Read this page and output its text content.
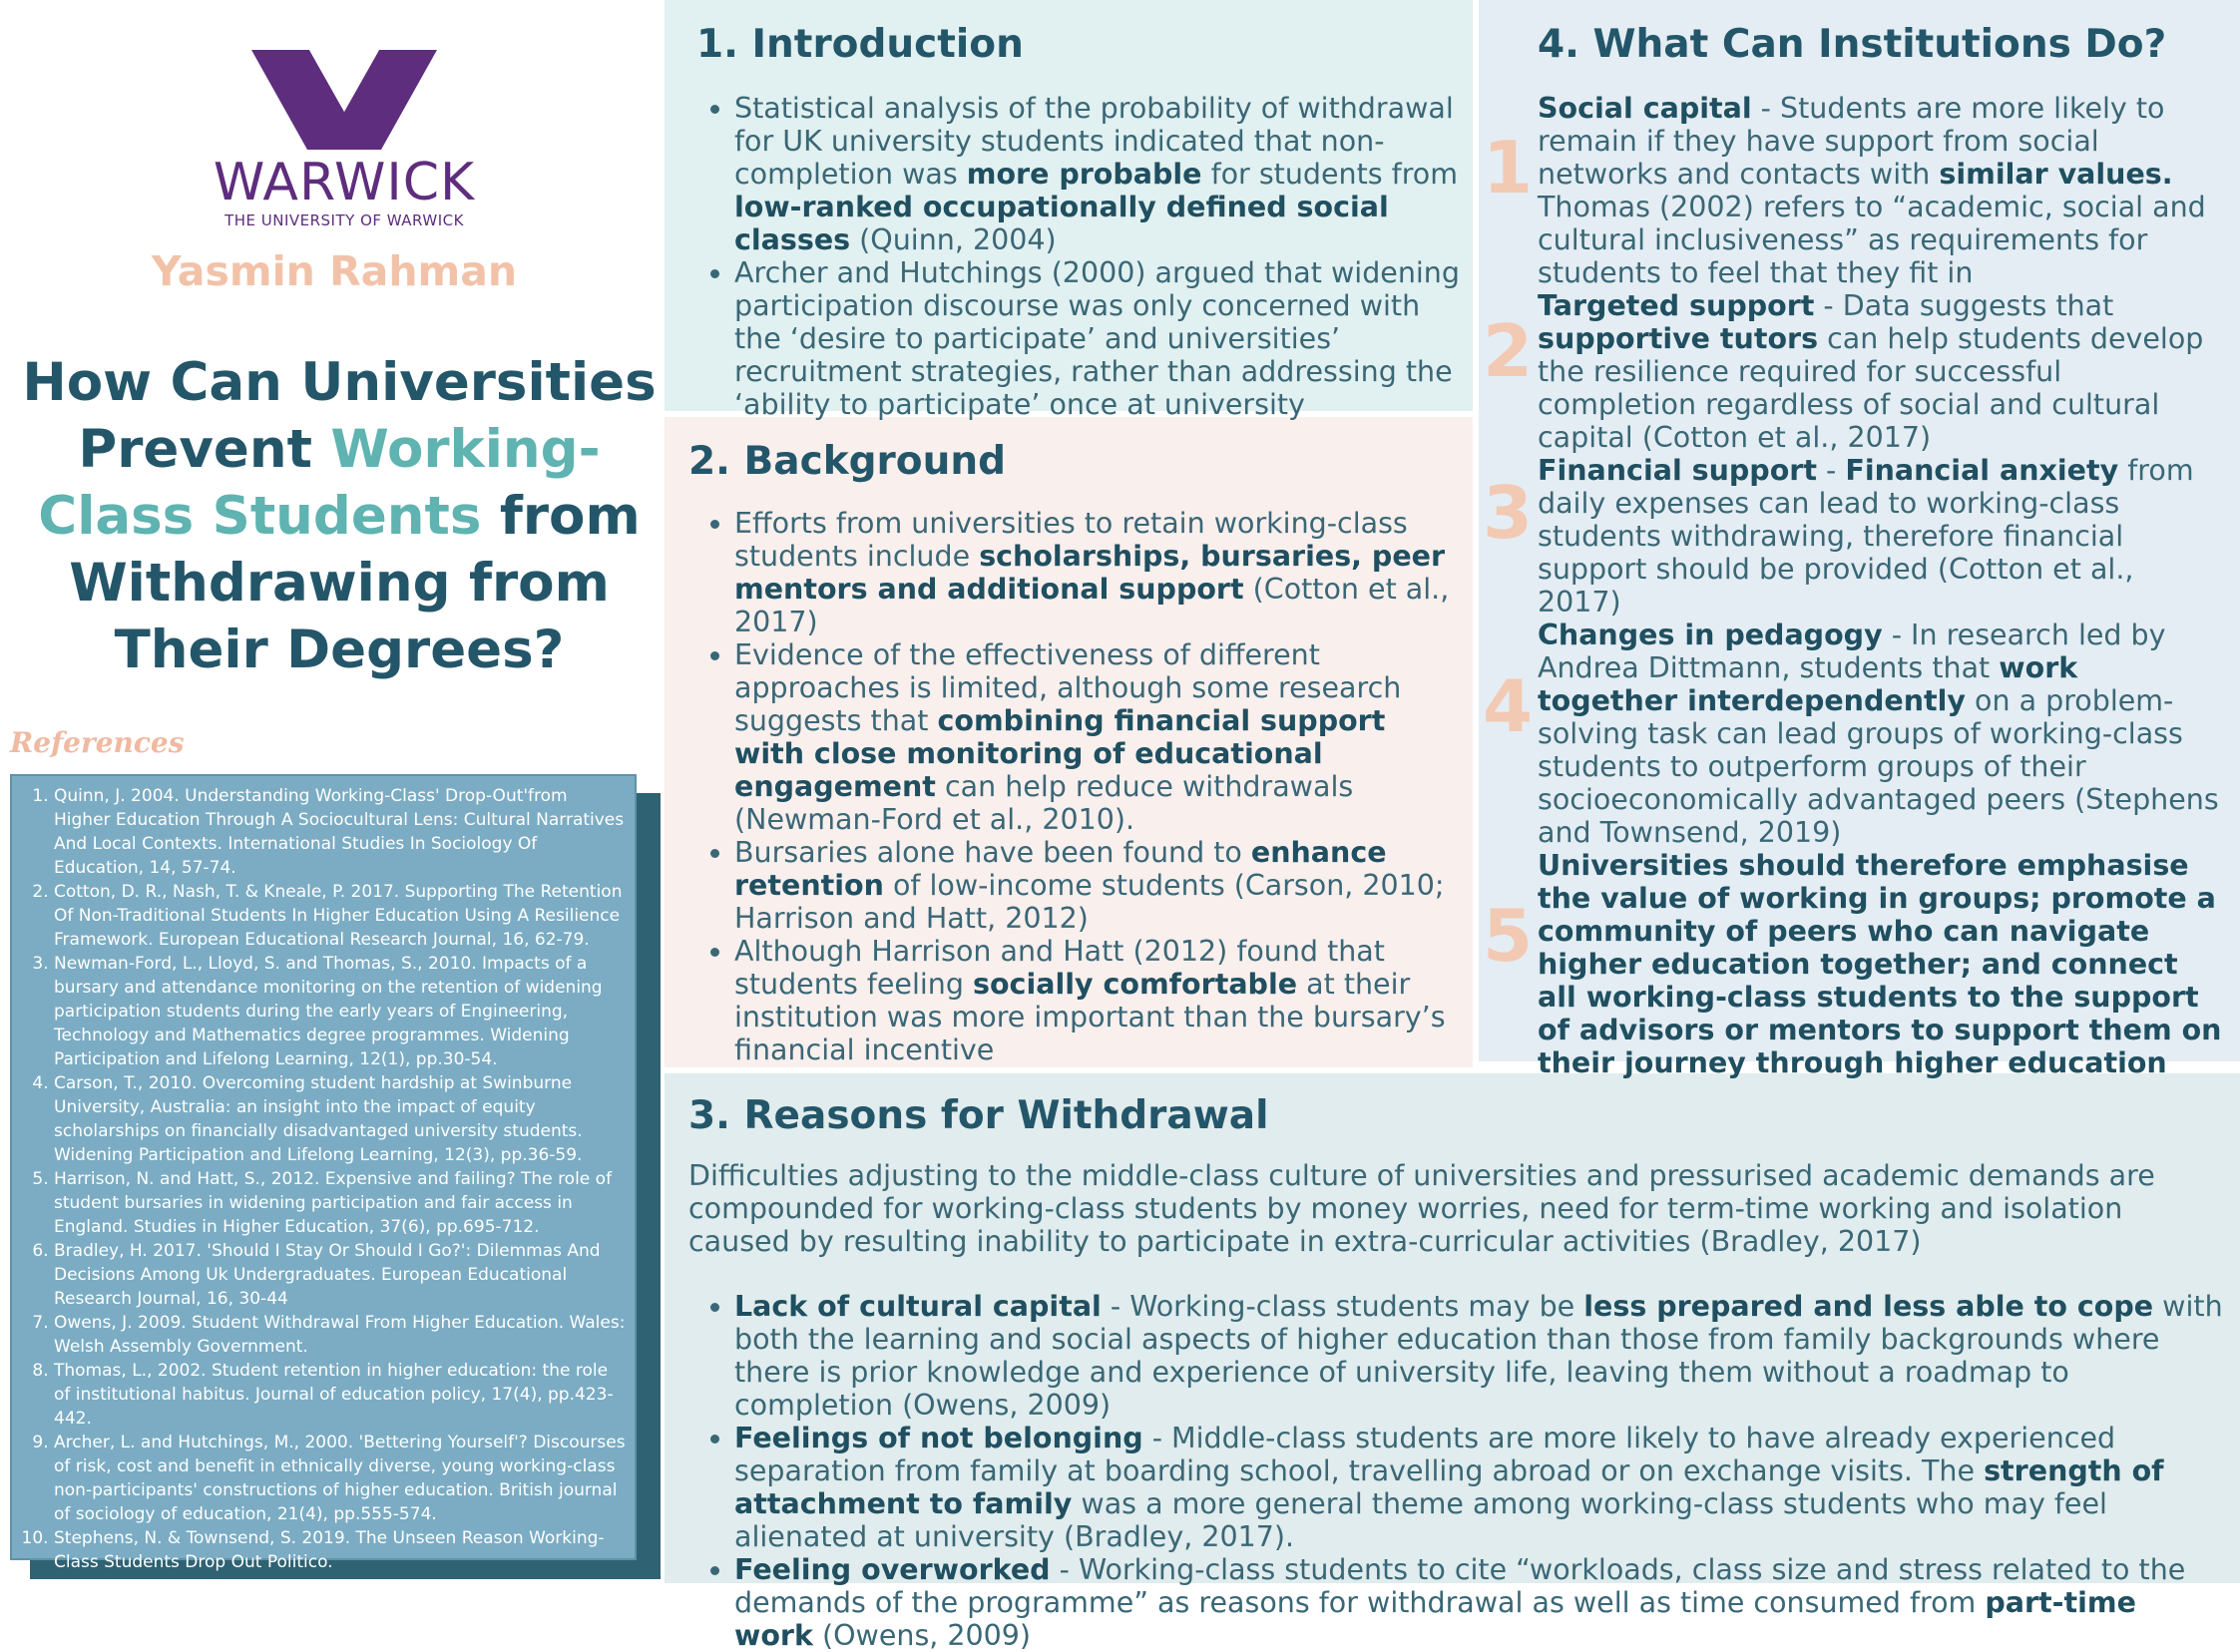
WARWICK
THE UNIVERSITY OF WARWICK
Yasmin Rahman
How Can Universities Prevent Working-Class Students from Withdrawing from Their Degrees?
References
1. Quinn, J. 2004. Understanding Working-Class' Drop-Out'from Higher Education Through A Sociocultural Lens: Cultural Narratives And Local Contexts. International Studies In Sociology Of Education, 14, 57-74.
2. Cotton, D. R., Nash, T. & Kneale, P. 2017. Supporting The Retention Of Non-Traditional Students In Higher Education Using A Resilience Framework. European Educational Research Journal, 16, 62-79.
3. Newman-Ford, L., Lloyd, S. and Thomas, S., 2010. Impacts of a bursary and attendance monitoring on the retention of widening participation students during the early years of Engineering, Technology and Mathematics degree programmes. Widening Participation and Lifelong Learning, 12(1), pp.30-54.
4. Carson, T., 2010. Overcoming student hardship at Swinburne University, Australia: an insight into the impact of equity scholarships on financially disadvantaged university students. Widening Participation and Lifelong Learning, 12(3), pp.36-59.
5. Harrison, N. and Hatt, S., 2012. Expensive and failing? The role of student bursaries in widening participation and fair access in England. Studies in Higher Education, 37(6), pp.695-712.
6. Bradley, H. 2017. 'Should I Stay Or Should I Go?': Dilemmas And Decisions Among Uk Undergraduates. European Educational Research Journal, 16, 30-44
7. Owens, J. 2009. Student Withdrawal From Higher Education. Wales: Welsh Assembly Government.
8. Thomas, L., 2002. Student retention in higher education: the role of institutional habitus. Journal of education policy, 17(4), pp.423-442.
9. Archer, L. and Hutchings, M., 2000. 'Bettering Yourself'? Discourses of risk, cost and benefit in ethnically diverse, young working-class non-participants' constructions of higher education. British journal of sociology of education, 21(4), pp.555-574.
10. Stephens, N. & Townsend, S. 2019. The Unseen Reason Working-Class Students Drop Out Politico.
1. Introduction
• Statistical analysis of the probability of withdrawal for UK university students indicated that non-completion was more probable for students from low-ranked occupationally defined social classes (Quinn, 2004)
• Archer and Hutchings (2000) argued that widening participation discourse was only concerned with the ‘desire to participate’ and universities’ recruitment strategies, rather than addressing the ‘ability to participate’ once at university
2. Background
• Efforts from universities to retain working-class students include scholarships, bursaries, peer mentors and additional support (Cotton et al., 2017)
• Evidence of the effectiveness of different approaches is limited, although some research suggests that combining financial support with close monitoring of educational engagement can help reduce withdrawals (Newman-Ford et al., 2010).
• Bursaries alone have been found to enhance retention of low-income students (Carson, 2010; Harrison and Hatt, 2012)
• Although Harrison and Hatt (2012) found that students feeling socially comfortable at their institution was more important than the bursary’s financial incentive
4. What Can Institutions Do?
1
Social capital - Students are more likely to remain if they have support from social networks and contacts with similar values. Thomas (2002) refers to “academic, social and cultural inclusiveness” as requirements for students to feel that they fit in
2
Targeted support - Data suggests that supportive tutors can help students develop the resilience required for successful completion regardless of social and cultural capital (Cotton et al., 2017)
3
Financial support - Financial anxiety from daily expenses can lead to working-class students withdrawing, therefore financial support should be provided (Cotton et al., 2017)
4
Changes in pedagogy - In research led by Andrea Dittmann, students that work together interdependently on a problem-solving task can lead groups of working-class students to outperform groups of their socioeconomically advantaged peers (Stephens and Townsend, 2019)
5
Universities should therefore emphasise the value of working in groups; promote a community of peers who can navigate higher education together; and connect all working-class students to the support of advisors or mentors to support them on their journey through higher education
3. Reasons for Withdrawal

Difficulties adjusting to the middle-class culture of universities and pressurised academic demands are compounded for working-class students by money worries, need for term-time working and isolation caused by resulting inability to participate in extra-curricular activities (Bradley, 2017)

• Lack of cultural capital - Working-class students may be less prepared and less able to cope with both the learning and social aspects of higher education than those from family backgrounds where there is prior knowledge and experience of university life, leaving them without a roadmap to completion (Owens, 2009)
• Feelings of not belonging - Middle-class students are more likely to have already experienced separation from family at boarding school, travelling abroad or on exchange visits. The strength of attachment to family was a more general theme among working-class students who may feel alienated at university (Bradley, 2017).
• Feeling overworked - Working-class students to cite “workloads, class size and stress related to the demands of the programme” as reasons for withdrawal as well as time consumed from part-time work (Owens, 2009)
